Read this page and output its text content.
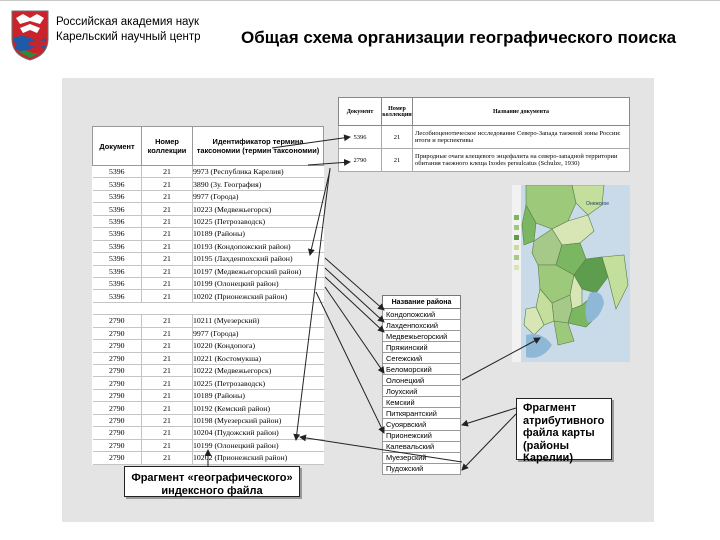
Российская академия наук
Карельский научный центр Общая схема организации географического поиска
Документ	Номер коллекции	Название документа
5396	21	Лесобиоценотическое исследование Северо-Запада таежной зоны России: итоги и перспективы
2790	21	Природные очаги клещевого энцефалита на северо-западной территории обитания таежного клеща Ixodes persulcatus (Schulze, 1930)
Документ	Номер коллекции	Идентификатор термина таксономии (термин таксономии)
5396	21	9973 (Республика Карелия)
5396	21	3890 (3у. География)
5396	21	9977 (Города)
5396	21	10223 (Медвежьегорск)
5396	21	10225 (Петрозаводск)
5396	21	10189 (Районы)
5396	21	10193 (Кондопожский район)
5396	21	10195 (Лахденпохский район)
5396	21	10197 (Медвежьегорский район)
5396	21	10199 (Олонецкий район)
5396	21	10202 (Прионежский район)

2790	21	10211 (Муезерский)
2790	21	9977 (Города)
2790	21	10220 (Кондопога)
2790	21	10221 (Костомукша)
2790	21	10222 (Медвежьегорск)
2790	21	10225 (Петрозаводск)
2790	21	10189 (Районы)
2790	21	10192 (Кемский район)
2790	21	10198 (Муезерский район)
2790	21	10204 (Пудожский район)
2790	21	10199 (Олонецкий район)
2790	21	10202 (Прионежский район)
Название района
Кондопожский
Лахденпохский
Медвежьегорский
Пряжинский
Сегежский
Беломорский
Олонецкий
Лоухский
Кемский
Питкярантский
Суоярвский
Прионежский
Калевальский
Муезерский
Пудожский
Онежское
Фрагмент «географического» индексного файла
Фрагмент
атрибутивного
файла карты
(районы
Карелии)
